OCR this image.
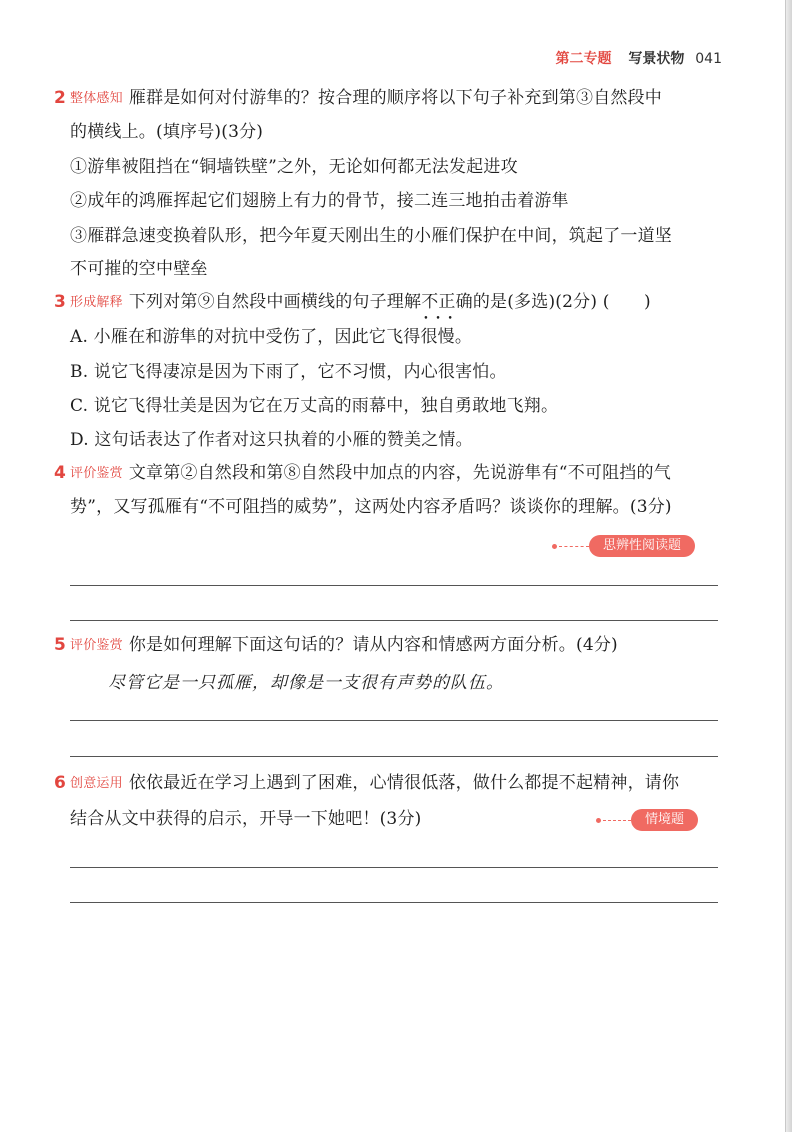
第二专题 写景状物 041
2 整体感知 雁群是如何对付游隼的？按合理的顺序将以下句子补充到第③自然段中
的横线上。(填序号)(3分)
①游隼被阻挡在“铜墙铁壁”之外，无论如何都无法发起进攻
②成年的鸿雁挥起它们翅膀上有力的骨节，接二连三地拍击着游隼
③雁群急速变换着队形，把今年夏天刚出生的小雁们保护在中间，筑起了一道坚
不可摧的空中壁垒
3 形成解释 下列对第⑨自然段中画横线的句子理解不正确 • • •的是(多选)(2分) (　　)
A. 小雁在和游隼的对抗中受伤了，因此它飞得很慢。
B. 说它飞得凄凉是因为下雨了，它不习惯，内心很害怕。
C. 说它飞得壮美是因为它在万丈高的雨幕中，独自勇敢地飞翔。
D. 这句话表达了作者对这只执着的小雁的赞美之情。
4 评价鉴赏 文章第②自然段和第⑧自然段中加点的内容，先说游隼有“不可阻挡的气
势”，又写孤雁有“不可阻挡的威势”，这两处内容矛盾吗？谈谈你的理解。(3分)
思辨性阅读题
5 评价鉴赏 你是如何理解下面这句话的？请从内容和情感两方面分析。(4分)
尽管它是一只孤雁，却像是一支很有声势的队伍。
6 创意运用 依依最近在学习上遇到了困难，心情很低落，做什么都提不起精神，请你
结合从文中获得的启示，开导一下她吧！(3分)	情境题
